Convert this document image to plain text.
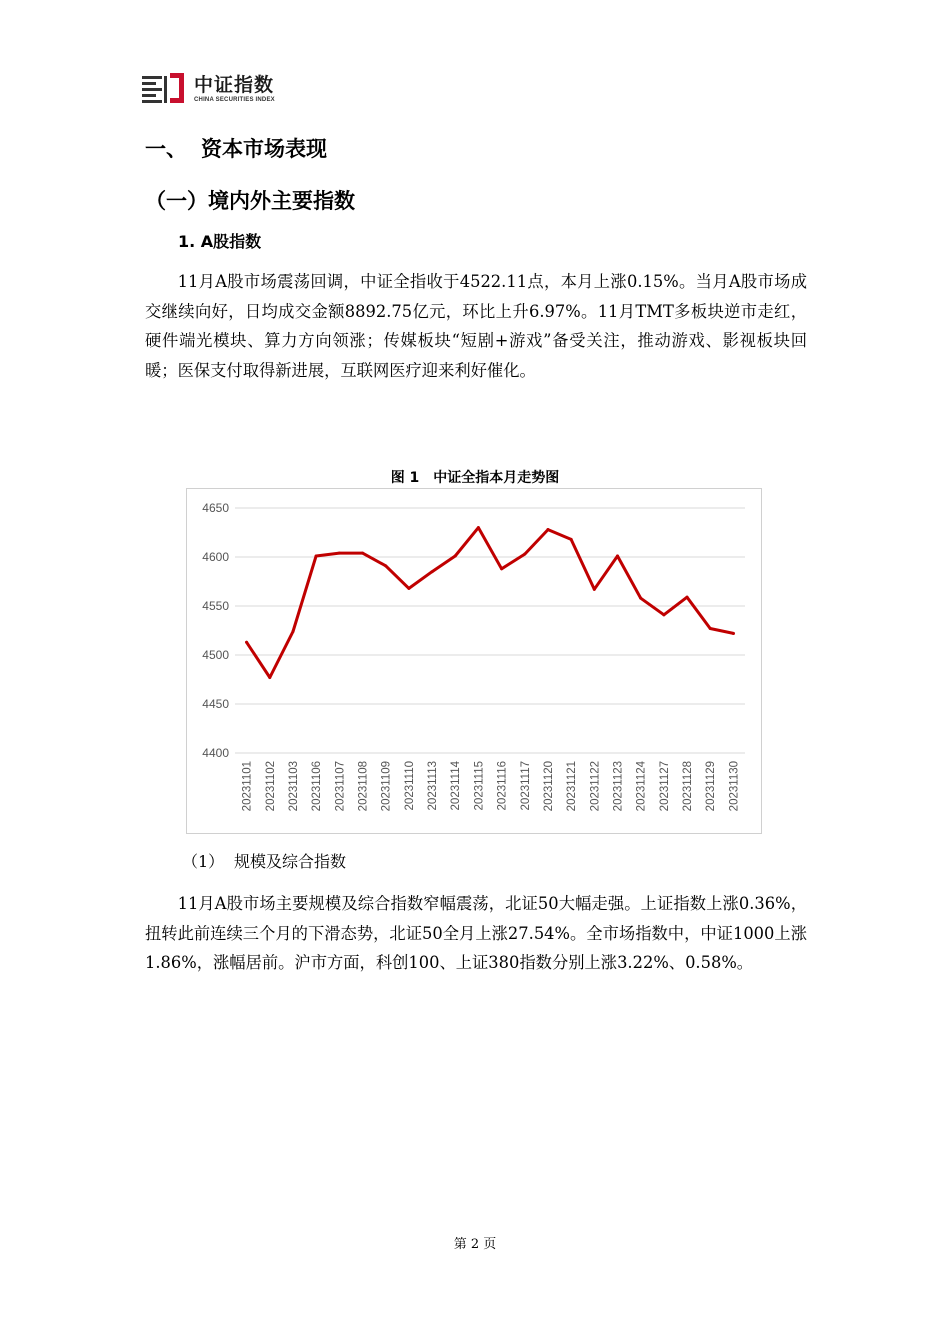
中证指数
CHINA SECURITIES INDEX
一、 资本市场表现
（一）境内外主要指数
1. A股指数

11月A股市场震荡回调，中证全指收于4522.11点，本月上涨0.15%。当月A股市场成交继续向好，日均成交金额8892.75亿元，环比上升6.97%。11月TMT多板块逆市走红，硬件端光模块、算力方向领涨；传媒板块“短剧+游戏”备受关注，推动游戏、影视板块回暖；医保支付取得新进展，互联网医疗迎来利好催化。

图 1　中证全指本月走势图
4400
4450
4500
4550
4600
4650
20231101 20231102 20231103 20231106 20231107 20231108 20231109 20231110 20231113 20231114 20231115 20231116 20231117 20231120 20231121 20231122 20231123 20231124 20231127 20231128 20231129 20231130
（1） 规模及综合指数

11月A股市场主要规模及综合指数窄幅震荡，北证50大幅走强。上证指数上涨0.36%，扭转此前连续三个月的下滑态势，北证50全月上涨27.54%。全市场指数中，中证1000上涨1.86%，涨幅居前。沪市方面，科创100、上证380指数分别上涨3.22%、0.58%。

第 2 页
